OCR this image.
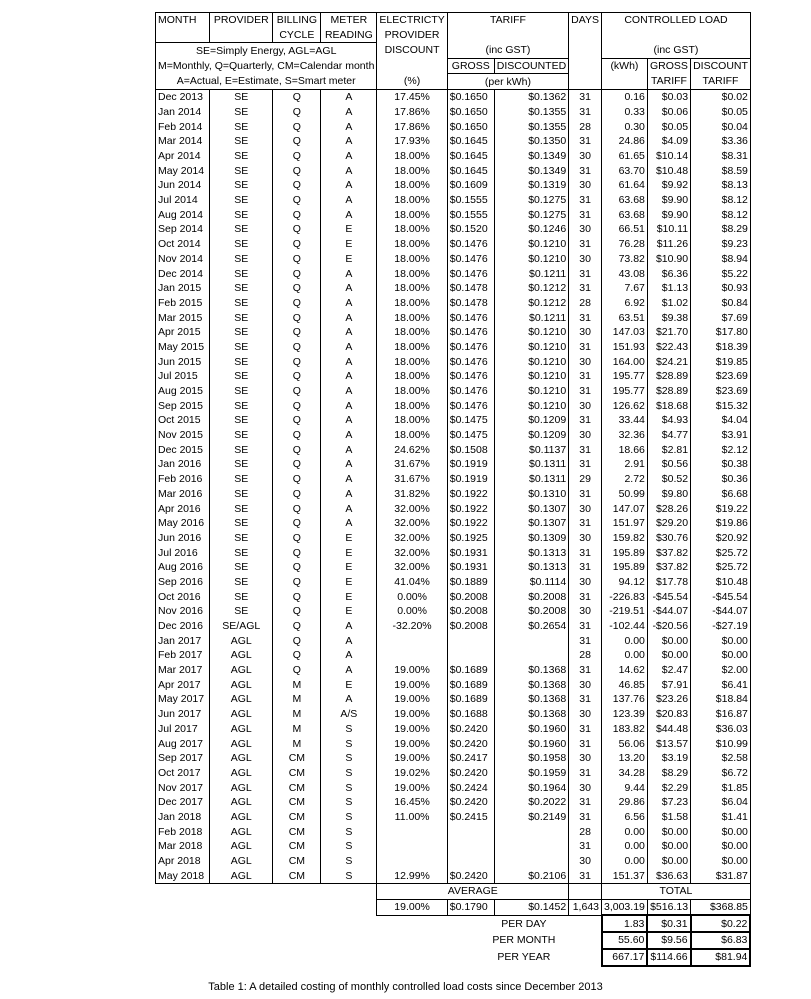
MONTH	PROVIDER	BILLING	METER	ELECTRICTY	TARIFF		DAYS	CONTROLLED LOAD		
		CYCLE	READING	PROVIDER						
SE=Simply Energy, AGL=AGL				DISCOUNT	(inc GST)			(inc GST)		
M=Monthly, Q=Quarterly, CM=Calendar month					GROSS	DISCOUNTED		(kWh)	GROSS	DISCOUNT
A=Actual, E=Estimate, S=Smart meter				(%)	(per kWh)				TARIFF	TARIFF
Dec 2013	SE	Q	A	17.45%	$0.1650	$0.1362	31	0.16	$0.03	$0.02
Jan 2014	SE	Q	A	17.86%	$0.1650	$0.1355	31	0.33	$0.06	$0.05
Feb 2014	SE	Q	A	17.86%	$0.1650	$0.1355	28	0.30	$0.05	$0.04
Mar 2014	SE	Q	A	17.93%	$0.1645	$0.1350	31	24.86	$4.09	$3.36
Apr 2014	SE	Q	A	18.00%	$0.1645	$0.1349	30	61.65	$10.14	$8.31
May 2014	SE	Q	A	18.00%	$0.1645	$0.1349	31	63.70	$10.48	$8.59
Jun 2014	SE	Q	A	18.00%	$0.1609	$0.1319	30	61.64	$9.92	$8.13
Jul 2014	SE	Q	A	18.00%	$0.1555	$0.1275	31	63.68	$9.90	$8.12
Aug 2014	SE	Q	A	18.00%	$0.1555	$0.1275	31	63.68	$9.90	$8.12
Sep 2014	SE	Q	E	18.00%	$0.1520	$0.1246	30	66.51	$10.11	$8.29
Oct 2014	SE	Q	E	18.00%	$0.1476	$0.1210	31	76.28	$11.26	$9.23
Nov 2014	SE	Q	E	18.00%	$0.1476	$0.1210	30	73.82	$10.90	$8.94
Dec 2014	SE	Q	A	18.00%	$0.1476	$0.1211	31	43.08	$6.36	$5.22
Jan 2015	SE	Q	A	18.00%	$0.1478	$0.1212	31	7.67	$1.13	$0.93
Feb 2015	SE	Q	A	18.00%	$0.1478	$0.1212	28	6.92	$1.02	$0.84
Mar 2015	SE	Q	A	18.00%	$0.1476	$0.1211	31	63.51	$9.38	$7.69
Apr 2015	SE	Q	A	18.00%	$0.1476	$0.1210	30	147.03	$21.70	$17.80
May 2015	SE	Q	A	18.00%	$0.1476	$0.1210	31	151.93	$22.43	$18.39
Jun 2015	SE	Q	A	18.00%	$0.1476	$0.1210	30	164.00	$24.21	$19.85
Jul 2015	SE	Q	A	18.00%	$0.1476	$0.1210	31	195.77	$28.89	$23.69
Aug 2015	SE	Q	A	18.00%	$0.1476	$0.1210	31	195.77	$28.89	$23.69
Sep 2015	SE	Q	A	18.00%	$0.1476	$0.1210	30	126.62	$18.68	$15.32
Oct 2015	SE	Q	A	18.00%	$0.1475	$0.1209	31	33.44	$4.93	$4.04
Nov 2015	SE	Q	A	18.00%	$0.1475	$0.1209	30	32.36	$4.77	$3.91
Dec 2015	SE	Q	A	24.62%	$0.1508	$0.1137	31	18.66	$2.81	$2.12
Jan 2016	SE	Q	A	31.67%	$0.1919	$0.1311	31	2.91	$0.56	$0.38
Feb 2016	SE	Q	A	31.67%	$0.1919	$0.1311	29	2.72	$0.52	$0.36
Mar 2016	SE	Q	A	31.82%	$0.1922	$0.1310	31	50.99	$9.80	$6.68
Apr 2016	SE	Q	A	32.00%	$0.1922	$0.1307	30	147.07	$28.26	$19.22
May 2016	SE	Q	A	32.00%	$0.1922	$0.1307	31	151.97	$29.20	$19.86
Jun 2016	SE	Q	E	32.00%	$0.1925	$0.1309	30	159.82	$30.76	$20.92
Jul 2016	SE	Q	E	32.00%	$0.1931	$0.1313	31	195.89	$37.82	$25.72
Aug 2016	SE	Q	E	32.00%	$0.1931	$0.1313	31	195.89	$37.82	$25.72
Sep 2016	SE	Q	E	41.04%	$0.1889	$0.1114	30	94.12	$17.78	$10.48
Oct 2016	SE	Q	E	0.00%	$0.2008	$0.2008	31	-226.83	-$45.54	-$45.54
Nov 2016	SE	Q	E	0.00%	$0.2008	$0.2008	30	-219.51	-$44.07	-$44.07
Dec 2016	SE/AGL	Q	A	-32.20%	$0.2008	$0.2654	31	-102.44	-$20.56	-$27.19
Jan 2017	AGL	Q	A				31	0.00	$0.00	$0.00
Feb 2017	AGL	Q	A				28	0.00	$0.00	$0.00
Mar 2017	AGL	Q	A	19.00%	$0.1689	$0.1368	31	14.62	$2.47	$2.00
Apr 2017	AGL	M	E	19.00%	$0.1689	$0.1368	30	46.85	$7.91	$6.41
May 2017	AGL	M	A	19.00%	$0.1689	$0.1368	31	137.76	$23.26	$18.84
Jun 2017	AGL	M	A/S	19.00%	$0.1688	$0.1368	30	123.39	$20.83	$16.87
Jul 2017	AGL	M	S	19.00%	$0.2420	$0.1960	31	183.82	$44.48	$36.03
Aug 2017	AGL	M	S	19.00%	$0.2420	$0.1960	31	56.06	$13.57	$10.99
Sep 2017	AGL	CM	S	19.00%	$0.2417	$0.1958	30	13.20	$3.19	$2.58
Oct 2017	AGL	CM	S	19.02%	$0.2420	$0.1959	31	34.28	$8.29	$6.72
Nov 2017	AGL	CM	S	19.00%	$0.2424	$0.1964	30	9.44	$2.29	$1.85
Dec 2017	AGL	CM	S	16.45%	$0.2420	$0.2022	31	29.86	$7.23	$6.04
Jan 2018	AGL	CM	S	11.00%	$0.2415	$0.2149	31	6.56	$1.58	$1.41
Feb 2018	AGL	CM	S				28	0.00	$0.00	$0.00
Mar 2018	AGL	CM	S				31	0.00	$0.00	$0.00
Apr 2018	AGL	CM	S				30	0.00	$0.00	$0.00
May 2018	AGL	CM	S	12.99%	$0.2420	$0.2106	31	151.37	$36.63	$31.87
				AVERAGE				TOTAL		
				19.00%	$0.1790	$0.1452	1,643	3,003.19	$516.13	$368.85
					PER DAY			1.83	$0.31	$0.22
					PER MONTH			55.60	$9.56	$6.83
					PER YEAR			667.17	$114.66	$81.94
Table 1: A detailed costing of monthly controlled load costs since December 2013
